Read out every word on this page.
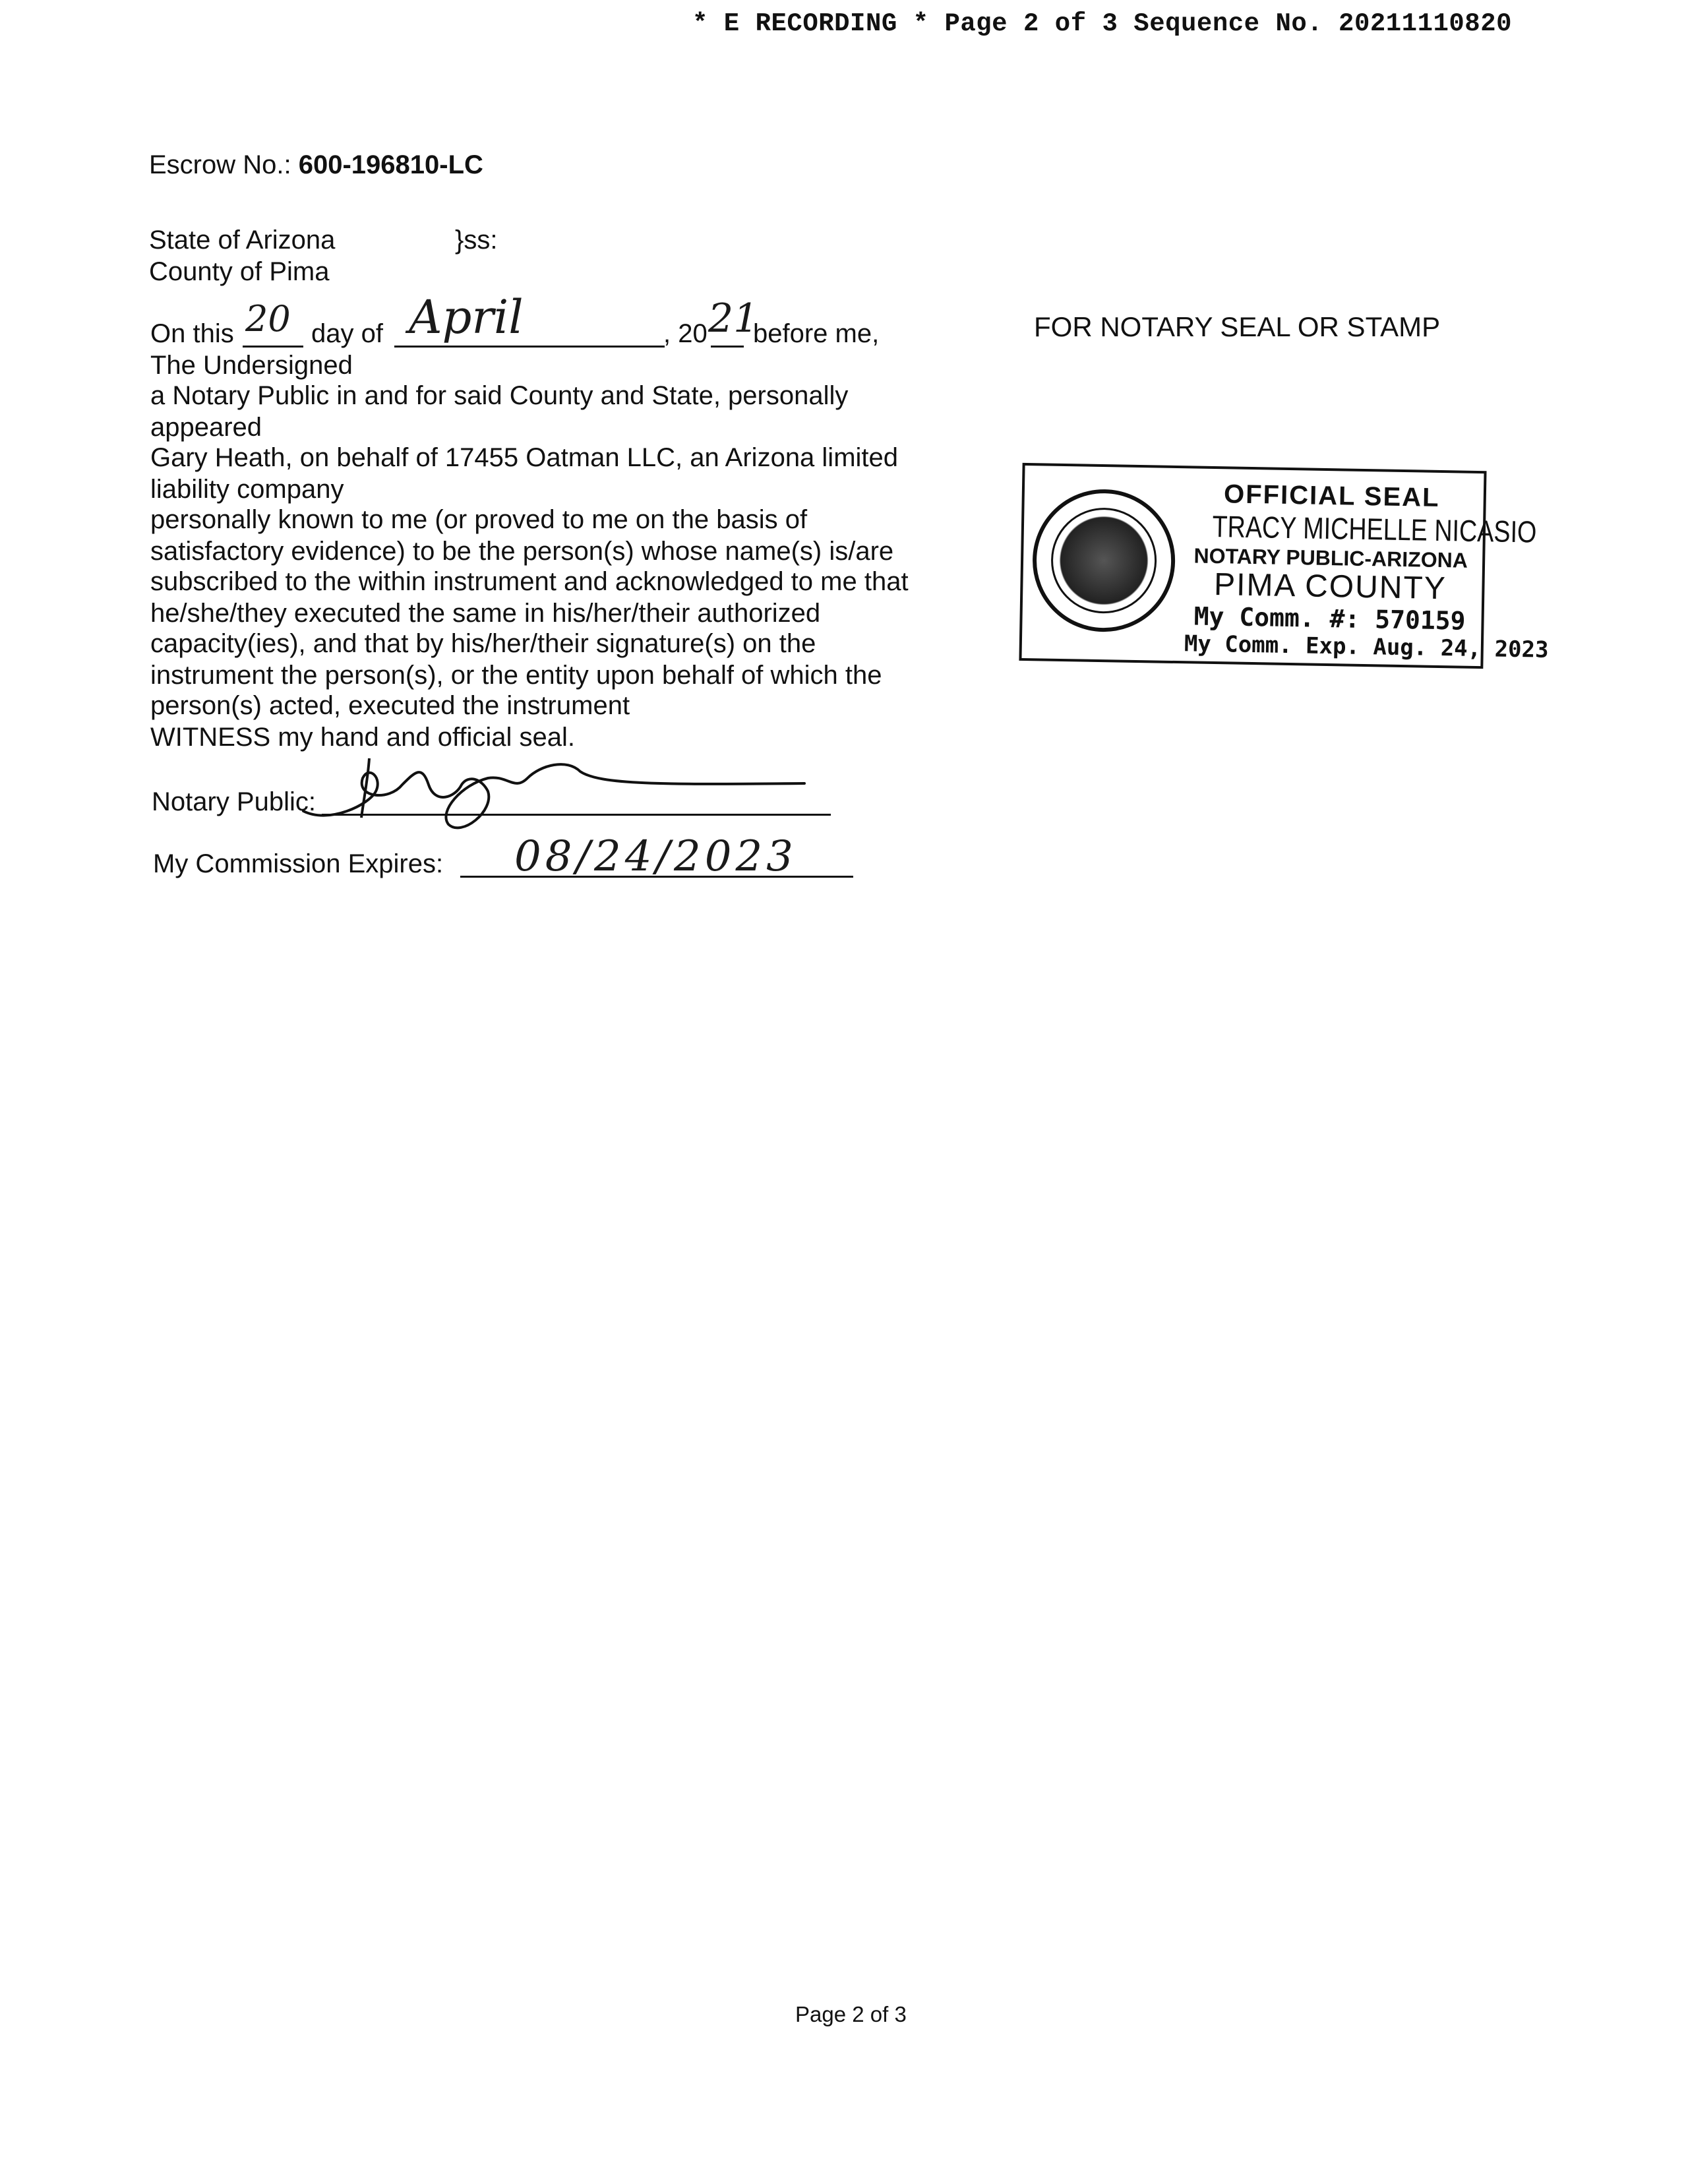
* E RECORDING * Page 2 of 3 Sequence No. 20211110820
Escrow No.: 600-196810-LC
State of Arizona	}ss:
County of Pima
On this 20 day of April	, 20 21
before me,
The Undersigned
a Notary Public in and for said County and State, personally
appeared
Gary Heath, on behalf of 17455 Oatman LLC, an Arizona limited
liability company
personally known to me (or proved to me on the basis of
satisfactory evidence) to be the person(s) whose name(s) is/are
subscribed to the within instrument and acknowledged to me that
he/she/they executed the same in his/her/their authorized
capacity(ies), and that by his/her/their signature(s) on the
instrument the person(s), or the entity upon behalf of which the
person(s) acted, executed the instrument
WITNESS my hand and official seal.
Notary Public:
My Commission Expires: 08/24/2023
FOR NOTARY SEAL OR STAMP
OFFICIAL SEAL
TRACY MICHELLE NICASIO
NOTARY PUBLIC-ARIZONA
PIMA COUNTY
My Comm. #: 570159
My Comm. Exp. Aug. 24, 2023
Page 2 of 3
